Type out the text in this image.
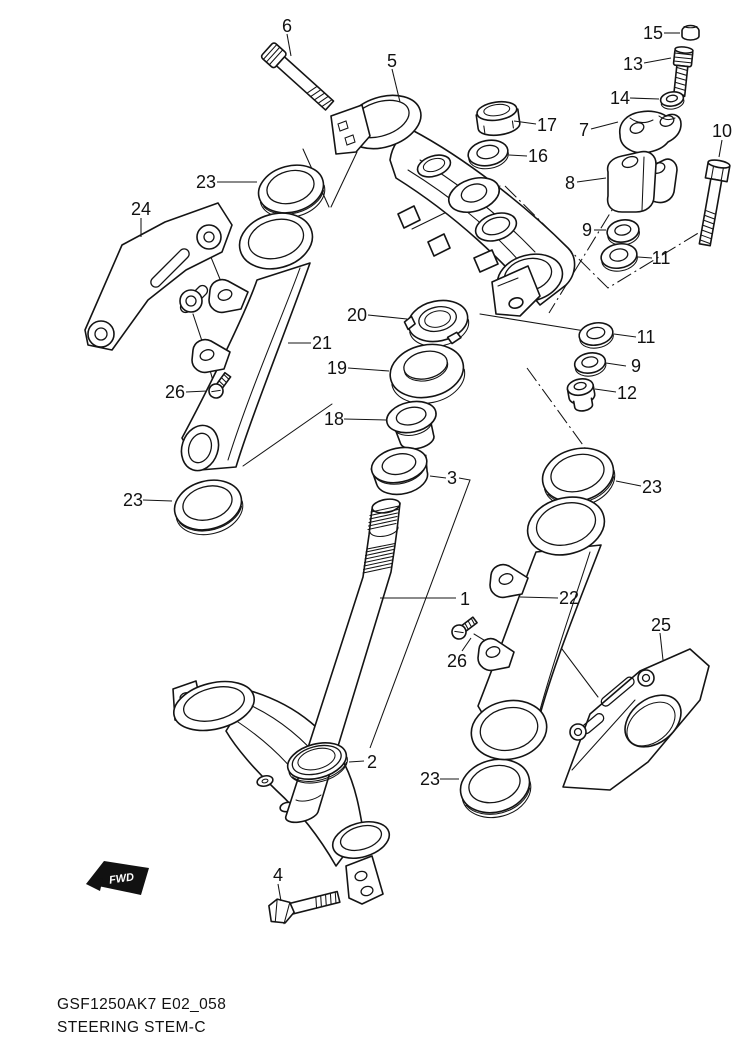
FWD
6
5
15
13
14
17 7
16
8
10
9
11
23
24
20
21	11
9
12
19
18
26
23
3	23
1	22
25
26
2
23
4
GSF1250AK7 E02_058
STEERING STEM-C
